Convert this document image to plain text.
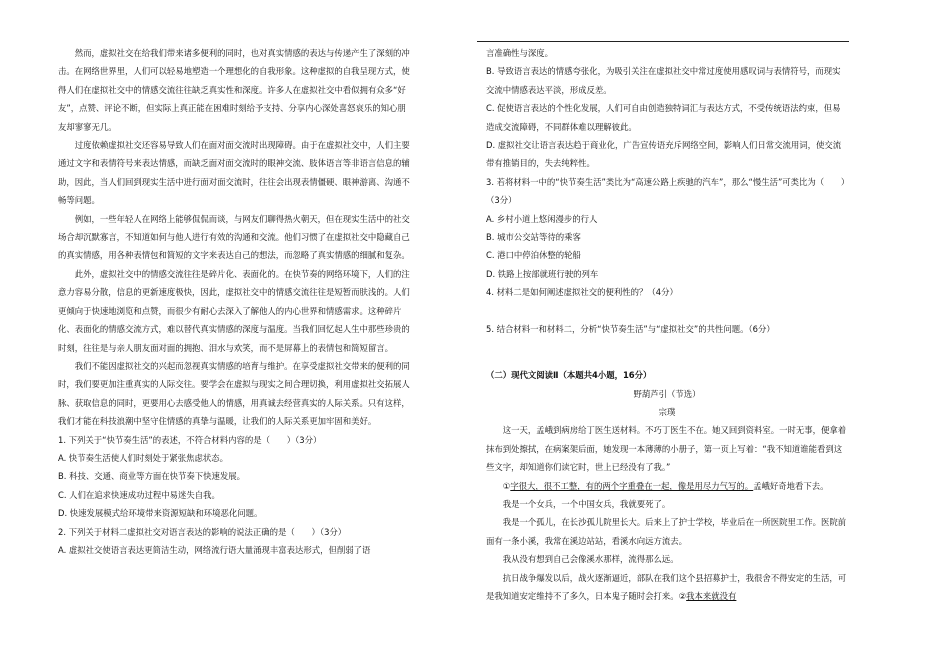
然而，虚拟社交在给我们带来诸多便利的同时，也对真实情感的表达与传递产生了深刻的冲击。在网络世界里，人们可以轻易地塑造一个理想化的自我形象。这种虚拟的自我呈现方式，使得人们在虚拟社交中的情感交流往往缺乏真实性和深度。许多人在虚拟社交中看似拥有众多“好友”，点赞、评论不断，但实际上真正能在困难时刻给予支持、分享内心深处喜怒哀乐的知心朋友却寥寥无几。

过度依赖虚拟社交还容易导致人们在面对面交流时出现障碍。由于在虚拟社交中，人们主要通过文字和表情符号来表达情感，而缺乏面对面交流时的眼神交流、肢体语言等非语言信息的辅助，因此，当人们回到现实生活中进行面对面交流时，往往会出现表情僵硬、眼神游离、沟通不畅等问题。

例如，一些年轻人在网络上能够侃侃而谈，与网友们聊得热火朝天，但在现实生活中的社交场合却沉默寡言，不知道如何与他人进行有效的沟通和交流。他们习惯了在虚拟社交中隐藏自己的真实情感，用各种表情包和简短的文字来表达自己的想法，而忽略了真实情感的细腻和复杂。

此外，虚拟社交中的情感交流往往是碎片化、表面化的。在快节奏的网络环境下，人们的注意力容易分散，信息的更新速度极快，因此，虚拟社交中的情感交流往往是短暂而肤浅的。人们更倾向于快速地浏览和点赞，而很少有耐心去深入了解他人的内心世界和情感需求。这种碎片化、表面化的情感交流方式，难以替代真实情感的深度与温度。当我们回忆起人生中那些珍贵的时刻，往往是与亲人朋友面对面的拥抱、泪水与欢笑，而不是屏幕上的表情包和简短留言。

我们不能因虚拟社交的兴起而忽视真实情感的培育与维护。在享受虚拟社交带来的便利的同时，我们要更加注重真实的人际交往。要学会在虚拟与现实之间合理切换，利用虚拟社交拓展人脉、获取信息的同时，更要用心去感受他人的情感，用真诚去经营真实的人际关系。只有这样，我们才能在科技浪潮中坚守住情感的真挚与温暖，让我们的人际关系更加牢固和美好。

1. 下列关于“快节奏生活”的表述，不符合材料内容的是（　　）（3分）

A. 快节奏生活使人们时刻处于紧张焦虑状态。

B. 科技、交通、商业等方面在快节奏下快速发展。

C. 人们在追求快速成功过程中易迷失自我。

D. 快速发展模式给环境带来资源短缺和环境恶化问题。

2. 下列关于材料二虚拟社交对语言表达的影响的说法正确的是（　　）（3分）

A. 虚拟社交使语言表达更简洁生动，网络流行语大量涌现丰富表达形式，但削弱了语

言准确性与深度。

B. 导致语言表达的情感夸张化，为吸引关注在虚拟社交中常过度使用感叹词与表情符号，而现实交流中情感表达平淡，形成反差。

C. 促使语言表达的个性化发展，人们可自由创造独特词汇与表达方式，不受传统语法约束，但易造成交流障碍，不同群体难以理解彼此。

D. 虚拟社交让语言表达趋于商业化，广告宣传语充斥网络空间，影响人们日常交流用词，使交流带有推销目的，失去纯粹性。

3. 若将材料一中的“快节奏生活”类比为“高速公路上疾驰的汽车”，那么“慢生活”可类比为（　　）（3分）

A. 乡村小道上悠闲漫步的行人

B. 城市公交站等待的乘客

C. 港口中停泊休整的轮船

D. 铁路上按部就班行驶的列车

4. 材料二是如何阐述虚拟社交的便利性的？（4分）

5. 结合材料一和材料二，分析“快节奏生活”与“虚拟社交”的共性问题。（6分）

（二）现代文阅读Ⅱ（本题共4小题，16分）

野葫芦引（节选）

宗璞

这一天，孟峨到病房给丁医生送材料。不巧丁医生不在。她又回到资料室。一时无事，便拿着抹布到处擦拭，在病案架后面，她发现一本薄薄的小册子，第一页上写着：“我不知道谁能看到这些文字，却知道你们读它时，世上已经没有了我。”

①字很大，很不工整，有的两个字重叠在一起，像是用尽力气写的。孟峨好奇地看下去。

我是一个女兵，一个中国女兵，我就要死了。

我是一个孤儿，在长沙孤儿院里长大。后来上了护士学校，毕业后在一所医院里工作。医院前面有一条小溪，我常在溪边站站，看溪水向远方流去。

我从没有想到自己会像溪水那样，流得那么远。

抗日战争爆发以后，战火逐渐逼近，部队在我们这个县招募护士，我很舍不得安定的生活，可是我知道安定维持不了多久，日本鬼子随时会打来。②我本来就没有
